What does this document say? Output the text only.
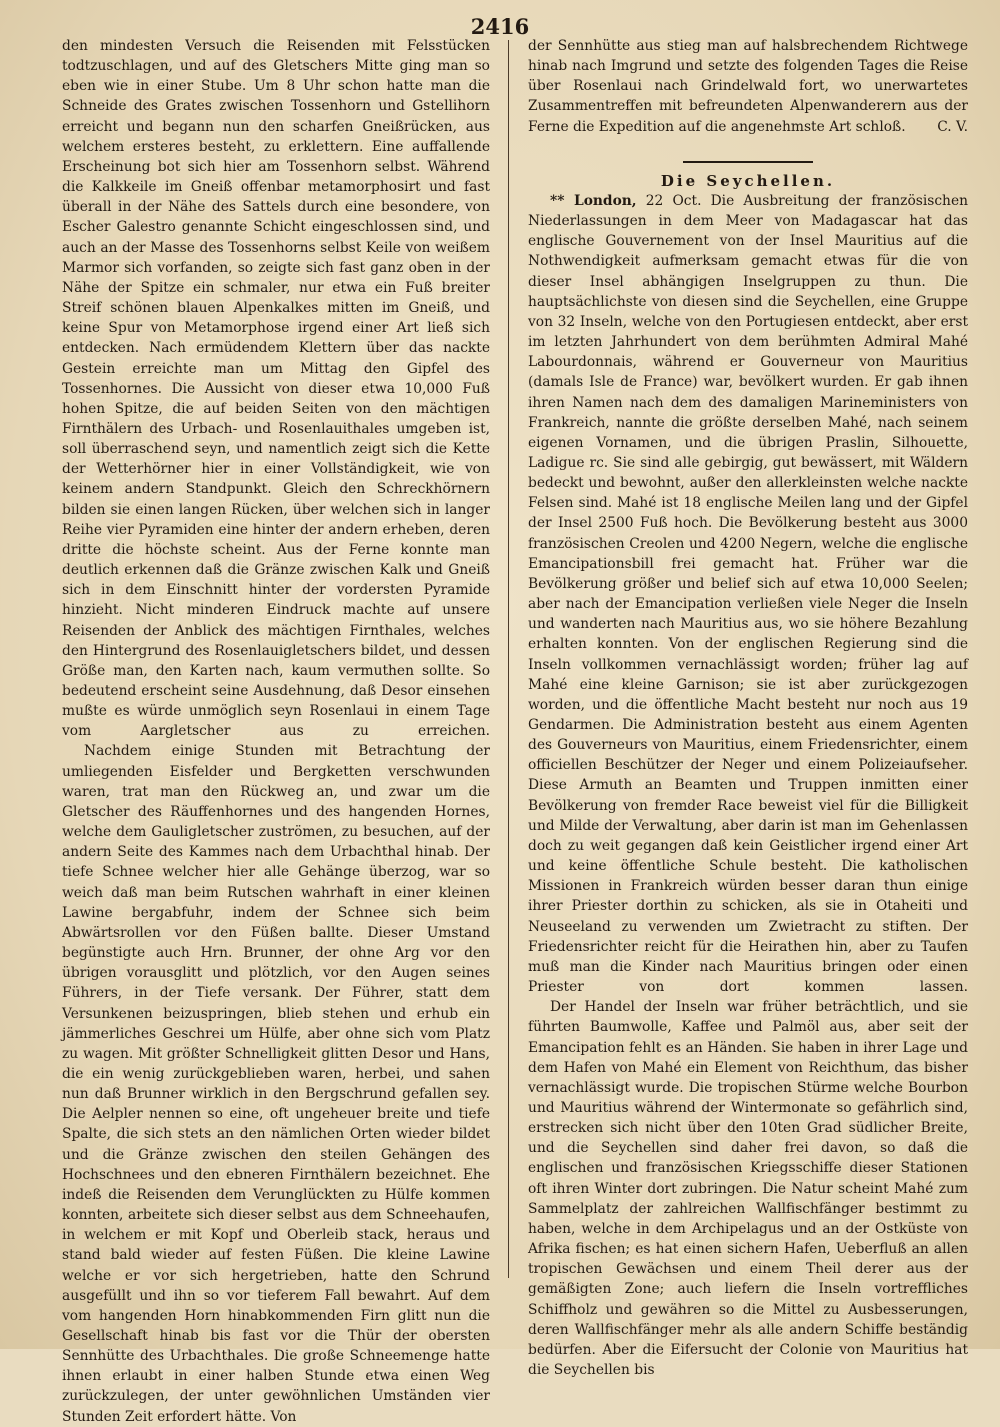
2416

den mindesten Versuch die Reisenden mit Felsstücken todtzuschlagen, und auf des Gletschers Mitte ging man so eben wie in einer Stube. Um 8 Uhr schon hatte man die Schneide des Grates zwischen Tossenhorn und Gstellihorn erreicht und begann nun den scharfen Gneißrücken, aus welchem ersteres besteht, zu erklettern. Eine auffallende Erscheinung bot sich hier am Tossenhorn selbst. Während die Kalkkeile im Gneiß offenbar metamorphosirt und fast überall in der Nähe des Sattels durch eine besondere, von Escher Galestro genannte Schicht eingeschlossen sind, und auch an der Masse des Tossenhorns selbst Keile von weißem Marmor sich vorfanden, so zeigte sich fast ganz oben in der Nähe der Spitze ein schmaler, nur etwa ein Fuß breiter Streif schönen blauen Alpenkalkes mitten im Gneiß, und keine Spur von Metamorphose irgend einer Art ließ sich entdecken. Nach ermüdendem Klettern über das nackte Gestein erreichte man um Mittag den Gipfel des Tossenhornes. Die Aussicht von dieser etwa 10,000 Fuß hohen Spitze, die auf beiden Seiten von den mächtigen Firnthälern des Urbach- und Rosenlauithales umgeben ist, soll überraschend seyn, und namentlich zeigt sich die Kette der Wetterhörner hier in einer Vollständigkeit, wie von keinem andern Standpunkt. Gleich den Schreckhörnern bilden sie einen langen Rücken, über welchen sich in langer Reihe vier Pyramiden eine hinter der andern erheben, deren dritte die höchste scheint. Aus der Ferne konnte man deutlich erkennen daß die Gränze zwischen Kalk und Gneiß sich in dem Einschnitt hinter der vordersten Pyramide hinzieht. Nicht minderen Eindruck machte auf unsere Reisenden der Anblick des mächtigen Firnthales, welches den Hintergrund des Rosenlauigletschers bildet, und dessen Größe man, den Karten nach, kaum vermuthen sollte. So bedeutend erscheint seine Ausdehnung, daß Desor einsehen mußte es würde unmöglich seyn Rosenlaui in einem Tage vom Aargletscher aus zu erreichen.

Nachdem einige Stunden mit Betrachtung der umliegenden Eisfelder und Bergketten verschwunden waren, trat man den Rückweg an, und zwar um die Gletscher des Räuffenhornes und des hangenden Hornes, welche dem Gauligletscher zuströmen, zu besuchen, auf der andern Seite des Kammes nach dem Urbachthal hinab. Der tiefe Schnee welcher hier alle Gehänge überzog, war so weich daß man beim Rutschen wahrhaft in einer kleinen Lawine bergabfuhr, indem der Schnee sich beim Abwärtsrollen vor den Füßen ballte. Dieser Umstand begünstigte auch Hrn. Brunner, der ohne Arg vor den übrigen vorausglitt und plötzlich, vor den Augen seines Führers, in der Tiefe versank. Der Führer, statt dem Versunkenen beizuspringen, blieb stehen und erhub ein jämmerliches Geschrei um Hülfe, aber ohne sich vom Platz zu wagen. Mit größter Schnelligkeit glitten Desor und Hans, die ein wenig zurückgeblieben waren, herbei, und sahen nun daß Brunner wirklich in den Bergschrund gefallen sey. Die Aelpler nennen so eine, oft ungeheuer breite und tiefe Spalte, die sich stets an den nämlichen Orten wieder bildet und die Gränze zwischen den steilen Gehängen des Hochschnees und den ebneren Firnthälern bezeichnet. Ehe indeß die Reisenden dem Verunglückten zu Hülfe kommen konnten, arbeitete sich dieser selbst aus dem Schneehaufen, in welchem er mit Kopf und Oberleib stack, heraus und stand bald wieder auf festen Füßen. Die kleine Lawine welche er vor sich hergetrieben, hatte den Schrund ausgefüllt und ihn so vor tieferem Fall bewahrt. Auf dem vom hangenden Horn hinabkommenden Firn glitt nun die Gesellschaft hinab bis fast vor die Thür der obersten Sennhütte des Urbachthales. Die große Schneemenge hatte ihnen erlaubt in einer halben Stunde etwa einen Weg zurückzulegen, der unter gewöhnlichen Umständen vier Stunden Zeit erfordert hätte. Von

der Sennhütte aus stieg man auf halsbrechendem Richtwege hinab nach Imgrund und setzte des folgenden Tages die Reise über Rosenlaui nach Grindelwald fort, wo unerwartetes Zusammentreffen mit befreundeten Alpenwanderern aus der Ferne die Expedition auf die angenehmste Art schloß. C. V.

Die Seychellen.

** London, 22 Oct. Die Ausbreitung der französischen Niederlassungen in dem Meer von Madagascar hat das englische Gouvernement von der Insel Mauritius auf die Nothwendigkeit aufmerksam gemacht etwas für die von dieser Insel abhängigen Inselgruppen zu thun. Die hauptsächlichste von diesen sind die Seychellen, eine Gruppe von 32 Inseln, welche von den Portugiesen entdeckt, aber erst im letzten Jahrhundert von dem berühmten Admiral Mahé Labourdonnais, während er Gouverneur von Mauritius (damals Isle de France) war, bevölkert wurden. Er gab ihnen ihren Namen nach dem des damaligen Marineministers von Frankreich, nannte die größte derselben Mahé, nach seinem eigenen Vornamen, und die übrigen Praslin, Silhouette, Ladigue rc. Sie sind alle gebirgig, gut bewässert, mit Wäldern bedeckt und bewohnt, außer den allerkleinsten welche nackte Felsen sind. Mahé ist 18 englische Meilen lang und der Gipfel der Insel 2500 Fuß hoch. Die Bevölkerung besteht aus 3000 französischen Creolen und 4200 Negern, welche die englische Emancipationsbill frei gemacht hat. Früher war die Bevölkerung größer und belief sich auf etwa 10,000 Seelen; aber nach der Emancipation verließen viele Neger die Inseln und wanderten nach Mauritius aus, wo sie höhere Bezahlung erhalten konnten. Von der englischen Regierung sind die Inseln vollkommen vernachlässigt worden; früher lag auf Mahé eine kleine Garnison; sie ist aber zurückgezogen worden, und die öffentliche Macht besteht nur noch aus 19 Gendarmen. Die Administration besteht aus einem Agenten des Gouverneurs von Mauritius, einem Friedensrichter, einem officiellen Beschützer der Neger und einem Polizeiaufseher. Diese Armuth an Beamten und Truppen inmitten einer Bevölkerung von fremder Race beweist viel für die Billigkeit und Milde der Verwaltung, aber darin ist man im Gehenlassen doch zu weit gegangen daß kein Geistlicher irgend einer Art und keine öffentliche Schule besteht. Die katholischen Missionen in Frankreich würden besser daran thun einige ihrer Priester dorthin zu schicken, als sie in Otaheiti und Neuseeland zu verwenden um Zwietracht zu stiften. Der Friedensrichter reicht für die Heirathen hin, aber zu Taufen muß man die Kinder nach Mauritius bringen oder einen Priester von dort kommen lassen.

Der Handel der Inseln war früher beträchtlich, und sie führten Baumwolle, Kaffee und Palmöl aus, aber seit der Emancipation fehlt es an Händen. Sie haben in ihrer Lage und dem Hafen von Mahé ein Element von Reichthum, das bisher vernachlässigt wurde. Die tropischen Stürme welche Bourbon und Mauritius während der Wintermonate so gefährlich sind, erstrecken sich nicht über den 10ten Grad südlicher Breite, und die Seychellen sind daher frei davon, so daß die englischen und französischen Kriegsschiffe dieser Stationen oft ihren Winter dort zubringen. Die Natur scheint Mahé zum Sammelplatz der zahlreichen Wallfischfänger bestimmt zu haben, welche in dem Archipelagus und an der Ostküste von Afrika fischen; es hat einen sichern Hafen, Ueberfluß an allen tropischen Gewächsen und einem Theil derer aus der gemäßigten Zone; auch liefern die Inseln vortreffliches Schiffholz und gewähren so die Mittel zu Ausbesserungen, deren Wallfischfänger mehr als alle andern Schiffe beständig bedürfen. Aber die Eifersucht der Colonie von Mauritius hat die Seychellen bis
